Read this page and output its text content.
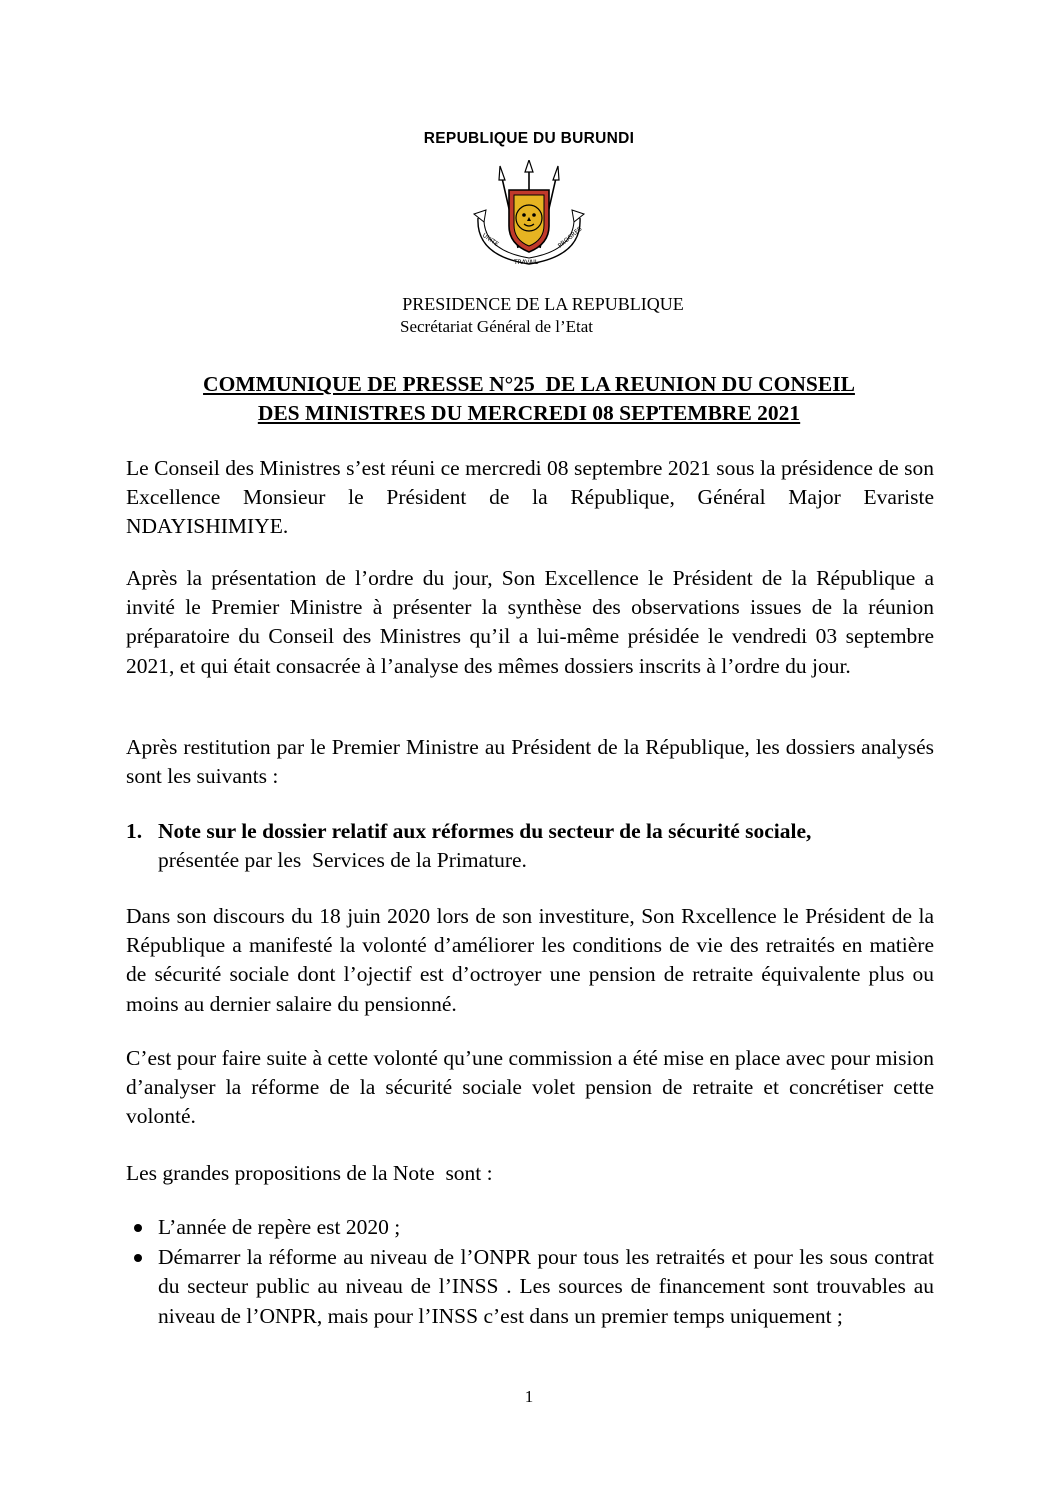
REPUBLIQUE DU BURUNDI
UNITE
TRAVAIL
PROGRES
PRESIDENCE DE LA REPUBLIQUE
Secrétariat Général de l’Etat
COMMUNIQUE DE PRESSE N°25  DE LA REUNION DU CONSEIL
DES MINISTRES DU MERCREDI 08 SEPTEMBRE 2021

Le Conseil des Ministres s’est réuni ce mercredi 08 septembre 2021 sous la présidence de son Excellence Monsieur le Président de la République, Général Major Evariste NDAYISHIMIYE.

Après la présentation de l’ordre du jour, Son Excellence le Président de la République a invité le Premier Ministre à présenter la synthèse des observations issues de la réunion préparatoire du Conseil des Ministres qu’il a lui-même présidée le vendredi 03 septembre 2021, et qui était consacrée à l’analyse des mêmes dossiers inscrits à l’ordre du jour.

Après restitution par le Premier Ministre au Président de la République, les dossiers analysés sont les suivants :

1. Note sur le dossier relatif aux réformes du secteur de la sécurité sociale,
présentée par les  Services de la Primature.

Dans son discours du 18 juin 2020 lors de son investiture, Son Rxcellence le Président de la République a manifesté la volonté d’améliorer les conditions de vie des retraités en matière de sécurité sociale dont l’ojectif est d’octroyer une pension de retraite équivalente plus ou moins au dernier salaire du pensionné.

C’est pour faire suite à cette volonté qu’une commission a été mise en place avec pour mision d’analyser la réforme de la sécurité sociale volet pension de retraite et concrétiser cette volonté.

Les grandes propositions de la Note  sont :

L’année de repère est 2020 ;
Démarrer la réforme au niveau de l’ONPR pour tous les retraités et pour les sous contrat  du secteur public au niveau de l’INSS . Les sources de financement sont trouvables au niveau de l’ONPR, mais pour l’INSS c’est dans un premier temps uniquement ;
1
